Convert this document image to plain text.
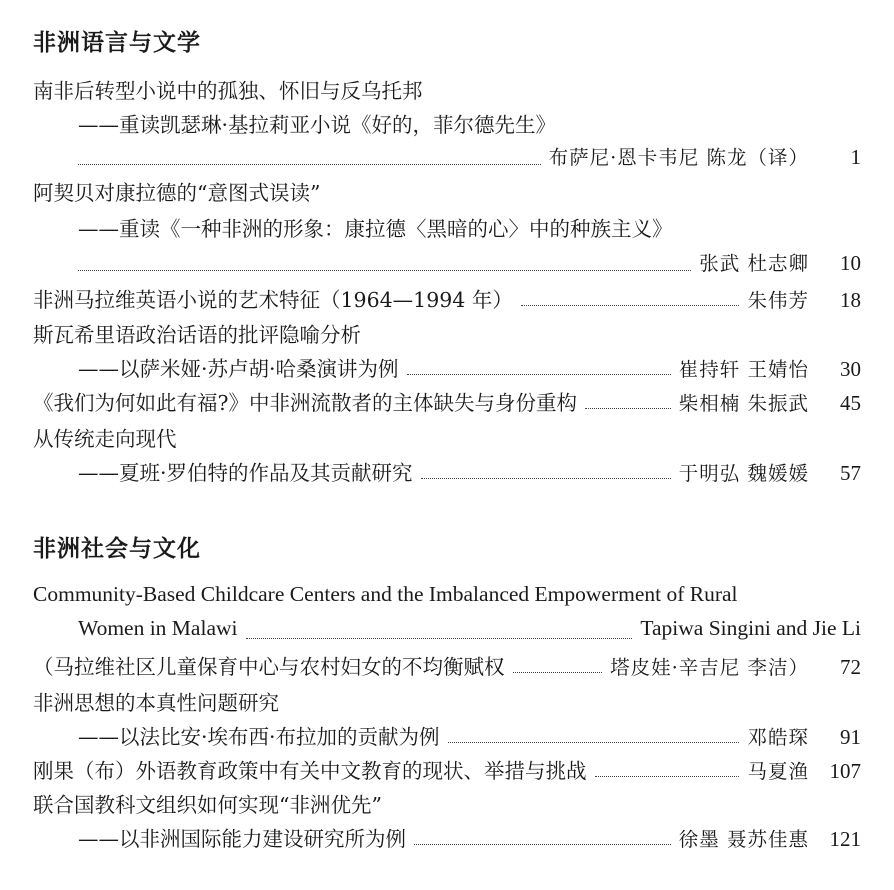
非洲语言与文学
南非后转型小说中的孤独、怀旧与反乌托邦
——重读凯瑟琳·基拉莉亚小说《好的，菲尔德先生》
布萨尼·恩卡韦尼 陈龙（译）	1
阿契贝对康拉德的“意图式误读”
——重读《一种非洲的形象：康拉德〈黑暗的心〉中的种族主义》
张武 杜志卿	10
非洲马拉维英语小说的艺术特征（1964—1994 年）	朱伟芳	18
斯瓦希里语政治话语的批评隐喻分析
——以萨米娅·苏卢胡·哈桑演讲为例	崔持轩 王婧怡	30
《我们为何如此有福?》中非洲流散者的主体缺失与身份重构	柴相楠 朱振武	45
从传统走向现代
——夏班·罗伯特的作品及其贡献研究	于明弘 魏媛媛	57
非洲社会与文化
Community-Based Childcare Centers and the Imbalanced Empowerment of Rural
Women in Malawi	Tapiwa Singini and Jie Li
（马拉维社区儿童保育中心与农村妇女的不均衡赋权	塔皮娃·辛吉尼 李洁）	72
非洲思想的本真性问题研究
——以法比安·埃布西·布拉加的贡献为例	邓皓琛	91
刚果（布）外语教育政策中有关中文教育的现状、举措与挑战	马夏渔 107
联合国教科文组织如何实现“非洲优先”
——以非洲国际能力建设研究所为例	徐墨 聂苏佳惠 121
